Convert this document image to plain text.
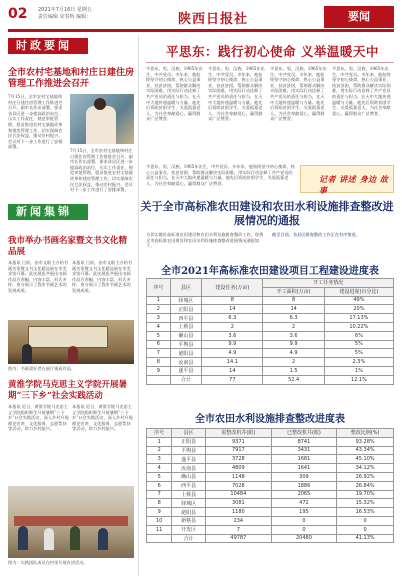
02 2021年7月16日 星期五
责任编辑 宋春辉 编辑：	陕西日报社	要闻
时政要闻
全市农村宅基地和村庄日建住房管理工作推进会召开
7月15日，全市农村宅基地和村庄日建住房管理工作推进会召开。副市长作出部署，要求各县区进一步提高政治站位，压实工作责任，规范审批管理，稳妥推进农村宅基地改革和建房管理工作，切实保障农民合法权益，推动乡村振兴。会议对下一步工作进行了安排部署。
7月15日，全市农村宅基地和村庄日建住房管理工作推进会召开。副市长作出部署，要求各县区进一步提高政治站位，压实工作责任，规范审批管理，稳妥推进农村宅基地改革和建房管理工作，切实保障农民合法权益，推动乡村振兴。会议对下一步工作进行了安排部署。
新闻集锦
我市举办书画名家暨文书文化精品展
本报讯 日前，由市文联主办的书画名家暨文书文化精品展在市美术馆开幕。此次展览共展出书画作品百余幅，内容丰富、形式多样，充分展示了我市书画艺术的发展成果。
本报讯 日前，由市文联主办的书画名家暨文书文化精品展在市美术馆开幕。此次展览共展出书画作品百余幅，内容丰富、形式多样，充分展示了我市书画艺术的发展成果。
图为：书画爱好者在展厅观看作品。
黄淮学院马克思主义学院开展暑期“三下乡”社会实践活动
本报讯 近日，黄淮学院马克思主义学院组织师生开展暑期“三下乡”社会实践活动，深入乡村开展理论宣讲、文化服务、志愿帮扶等活动，助力乡村振兴。
本报讯 近日，黄淮学院马克思主义学院组织师生开展暑期“三下乡”社会实践活动，深入乡村开展理论宣讲、文化服务、志愿帮扶等活动，助力乡村振兴。
图为：实践团队成员在村里开展宣讲活动。
平思东：践行初心使命 义举温暖天中
平思东，男，汉族，1965年出生，中共党员。多年来，他始终坚守初心使命，热心公益事业，扶贫济困，帮助群众解决实际困难，用实际行动诠释了共产党员的责任与担当，在天中大地传递温暖与力量。他先后资助贫困学生、关爱孤寡老人，为社会奉献爱心，赢得群众广泛赞誉。
平思东，男，汉族，1965年出生，中共党员。多年来，他始终坚守初心使命，热心公益事业，扶贫济困，帮助群众解决实际困难，用实际行动诠释了共产党员的责任与担当，在天中大地传递温暖与力量。他先后资助贫困学生、关爱孤寡老人，为社会奉献爱心，赢得群众广泛赞誉。
平思东，男，汉族，1965年出生，中共党员。多年来，他始终坚守初心使命，热心公益事业，扶贫济困，帮助群众解决实际困难，用实际行动诠释了共产党员的责任与担当，在天中大地传递温暖与力量。他先后资助贫困学生、关爱孤寡老人，为社会奉献爱心，赢得群众广泛赞誉。
平思东，男，汉族，1965年出生，中共党员。多年来，他始终坚守初心使命，热心公益事业，扶贫济困，帮助群众解决实际困难，用实际行动诠释了共产党员的责任与担当，在天中大地传递温暖与力量。他先后资助贫困学生、关爱孤寡老人，为社会奉献爱心，赢得群众广泛赞誉。
平思东，男，汉族，1965年出生，中共党员。多年来，他始终坚守初心使命，热心公益事业，扶贫济困，帮助群众解决实际困难，用实际行动诠释了共产党员的责任与担当，在天中大地传递温暖与力量。他先后资助贫困学生、关爱孤寡老人，为社会奉献爱心，赢得群众广泛赞誉。	记者 讲述 身边 故事
关于全市高标准农田建设和农田水利设施排查整改进展情况的通报
为切实做好高标准农田建设和农田水利设施排查整改工作，现将全市高标准农田建设和农田水利设施排查整改进展情况通报如下。
截至目前，各县区排查整改工作正在有序推进。
全市2021年高标准农田建设项目工程建设进度表
序号	县区	建设任务(万亩)	开工任务情况	
			开工面积(万亩)	建设进度(百分比)
1	驿城区	8	8	49%
2	正阳县	14	14	20%
3	西平县	6.3	6.3	17.13%
4	上蔡县	2	2	10.22%
5	确山县	3.6	3.6	6%
6	平舆县	9.9	9.9	5%
7	泌阳县	4.9	4.9	5%
8	汝南县	14.1	2	2.3%
9	遂平县	14	1.5	1%
	合计	77	52.4	12.1%
全市农田水利设施排查整改进度表
序号	县区	需整改机井(眼)	已整改机井(眼)	整改比例(%)
1	正阳县	9371	8741	93.28%
2	平舆县	7917	3431	43.34%
3	遂平县	3728	1681	45.10%
4	汝南县	4809	1641	34.12%
5	确山县	1148	309	26.92%
6	西平县	7028	1886	26.84%
7	上蔡县	10484	2065	19.70%
8	驿城区	3081	472	15.32%
9	泌阳县	1180	195	16.53%
10	新蔡县	234	0	0
11	开发区	7	0	0
	合计	49787	20480	41.13%
